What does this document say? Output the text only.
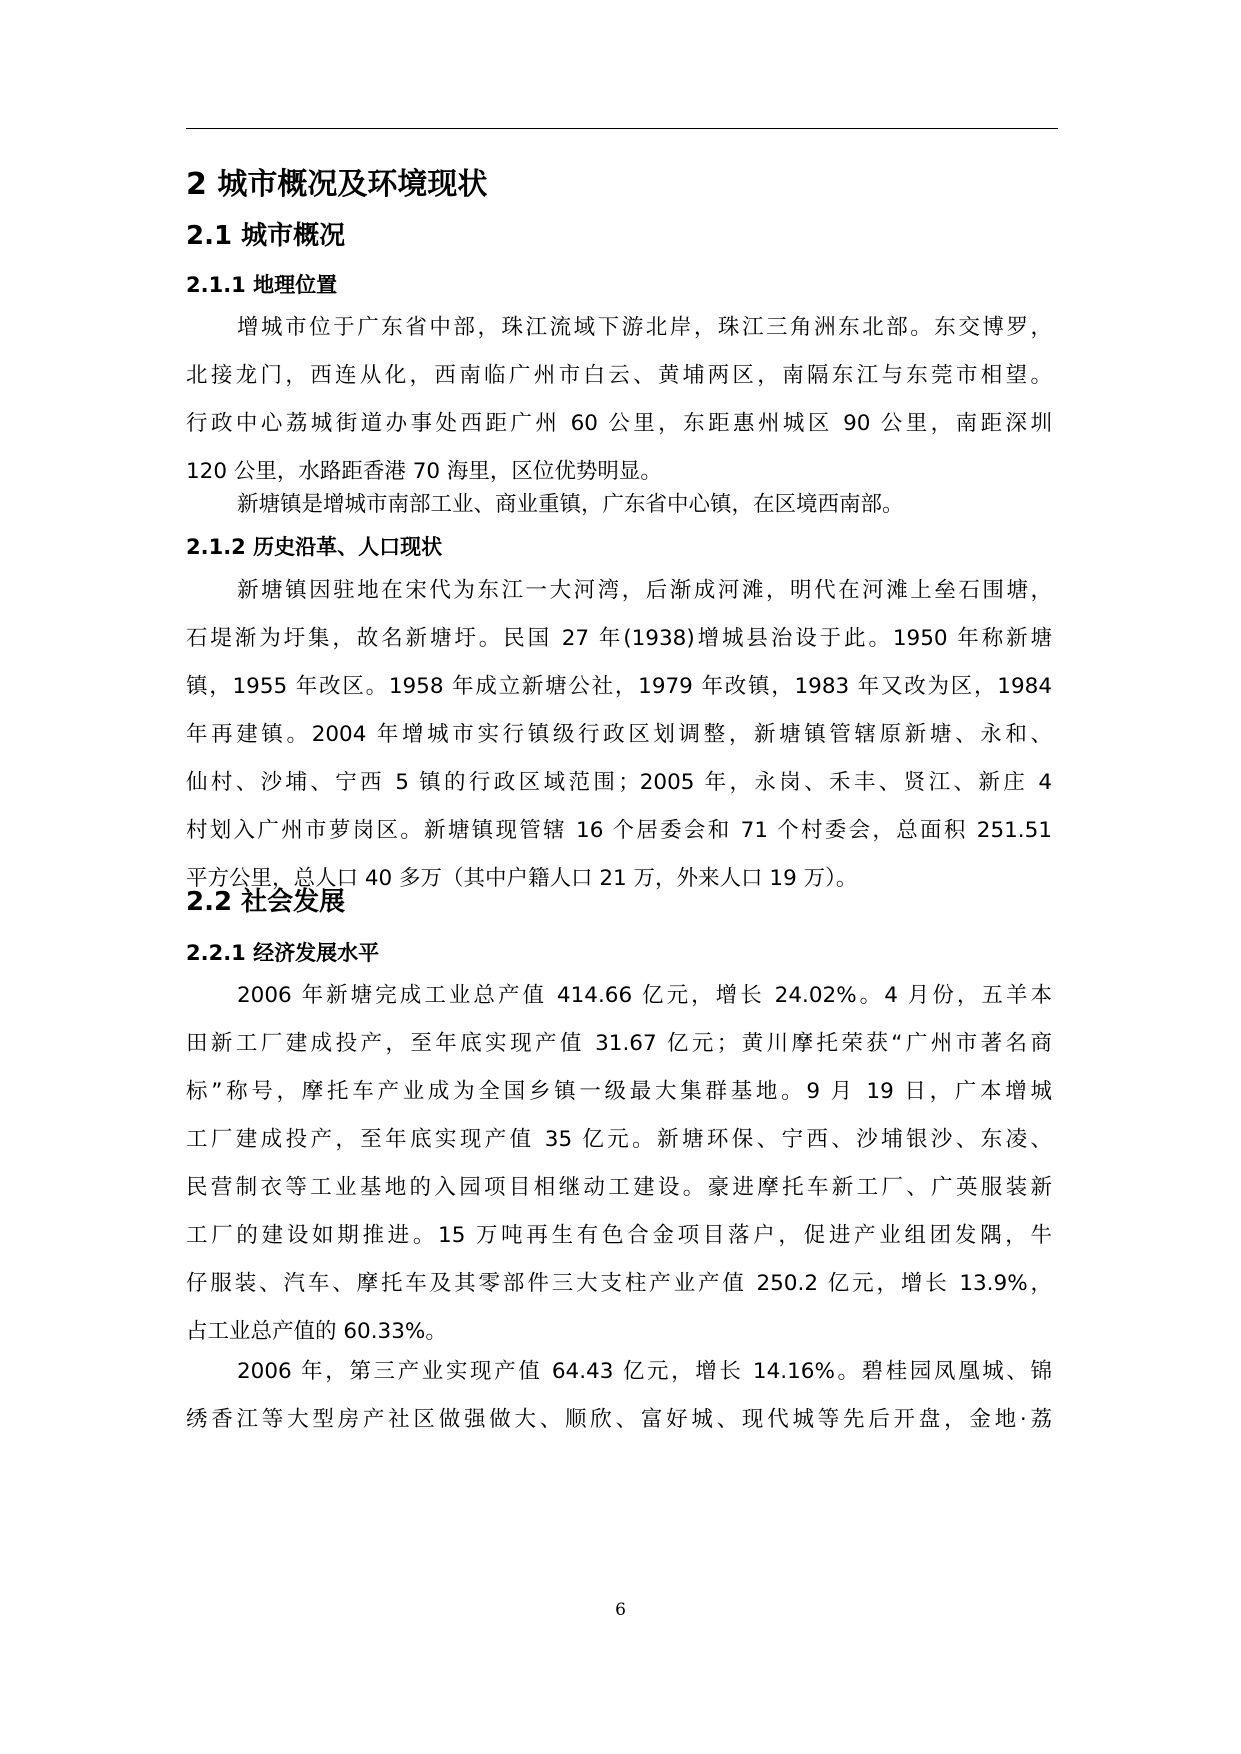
2 城市概况及环境现状
2.1 城市概况
2.1.1 地理位置
增城市位于广东省中部，珠江流域下游北岸，珠江三角洲东北部。东交博罗，
北接龙门，西连从化，西南临广州市白云、黄埔两区，南隔东江与东莞市相望。
行政中心荔城街道办事处西距广州 60 公里，东距惠州城区 90 公里，南距深圳
120 公里，水路距香港 70 海里，区位优势明显。
新塘镇是增城市南部工业、商业重镇，广东省中心镇，在区境西南部。
2.1.2 历史沿革、人口现状
新塘镇因驻地在宋代为东江一大河湾，后渐成河滩，明代在河滩上垒石围塘，
石堤渐为圩集，故名新塘圩。民国 27 年(1938)增城县治设于此。1950 年称新塘
镇，1955 年改区。1958 年成立新塘公社，1979 年改镇，1983 年又改为区，1984
年再建镇。2004 年增城市实行镇级行政区划调整，新塘镇管辖原新塘、永和、
仙村、沙埔、宁西 5 镇的行政区域范围；2005 年，永岗、禾丰、贤江、新庄 4
村划入广州市萝岗区。新塘镇现管辖 16 个居委会和 71 个村委会，总面积 251.51
平方公里，总人口 40 多万（其中户籍人口 21 万，外来人口 19 万）。
2.2 社会发展
2.2.1 经济发展水平
2006 年新塘完成工业总产值 414.66 亿元，增长 24.02%。4 月份，五羊本
田新工厂建成投产，至年底实现产值 31.67 亿元；黄川摩托荣获“广州市著名商
标”称号，摩托车产业成为全国乡镇一级最大集群基地。9 月 19 日，广本增城
工厂建成投产，至年底实现产值 35 亿元。新塘环保、宁西、沙埔银沙、东凌、
民营制衣等工业基地的入园项目相继动工建设。豪进摩托车新工厂、广英服装新
工厂的建设如期推进。15 万吨再生有色合金项目落户，促进产业组团发隅，牛
仔服装、汽车、摩托车及其零部件三大支柱产业产值 250.2 亿元，增长 13.9%，
占工业总产值的 60.33%。
2006 年，第三产业实现产值 64.43 亿元，增长 14.16%。碧桂园凤凰城、锦
绣香江等大型房产社区做强做大、顺欣、富好城、现代城等先后开盘，金地·荔
6
